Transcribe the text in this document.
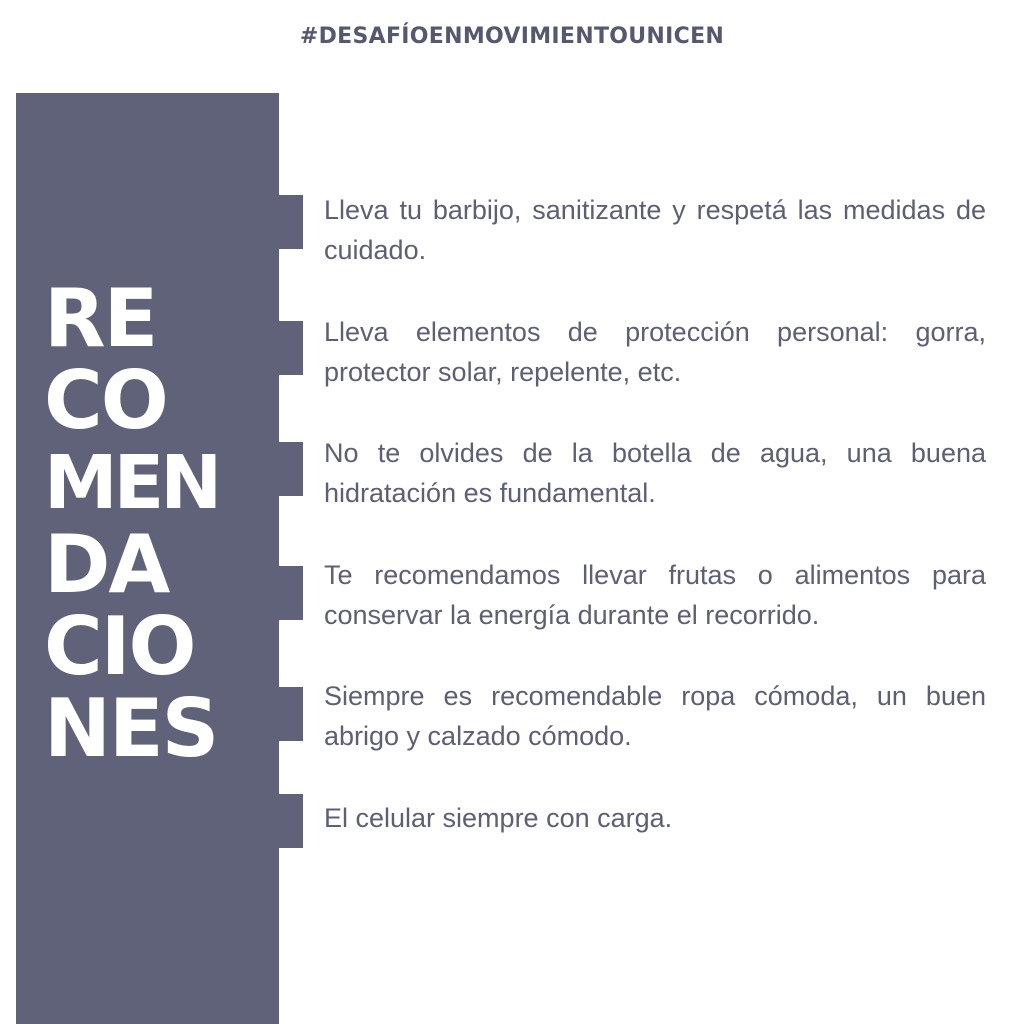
#DESAFÍOENMOVIMIENTOUNICEN
RE
CO
MEN
DA
CIO
NES
Lleva tu barbijo, sanitizante y respetá las medidas de cuidado.
Lleva elementos de protección personal: gorra, protector solar, repelente, etc.
No te olvides de la botella de agua, una buena hidratación es fundamental.
Te recomendamos llevar frutas o alimentos para conservar la energía durante el recorrido.
Siempre es recomendable ropa cómoda, un buen abrigo y calzado cómodo.
El celular siempre con carga.
